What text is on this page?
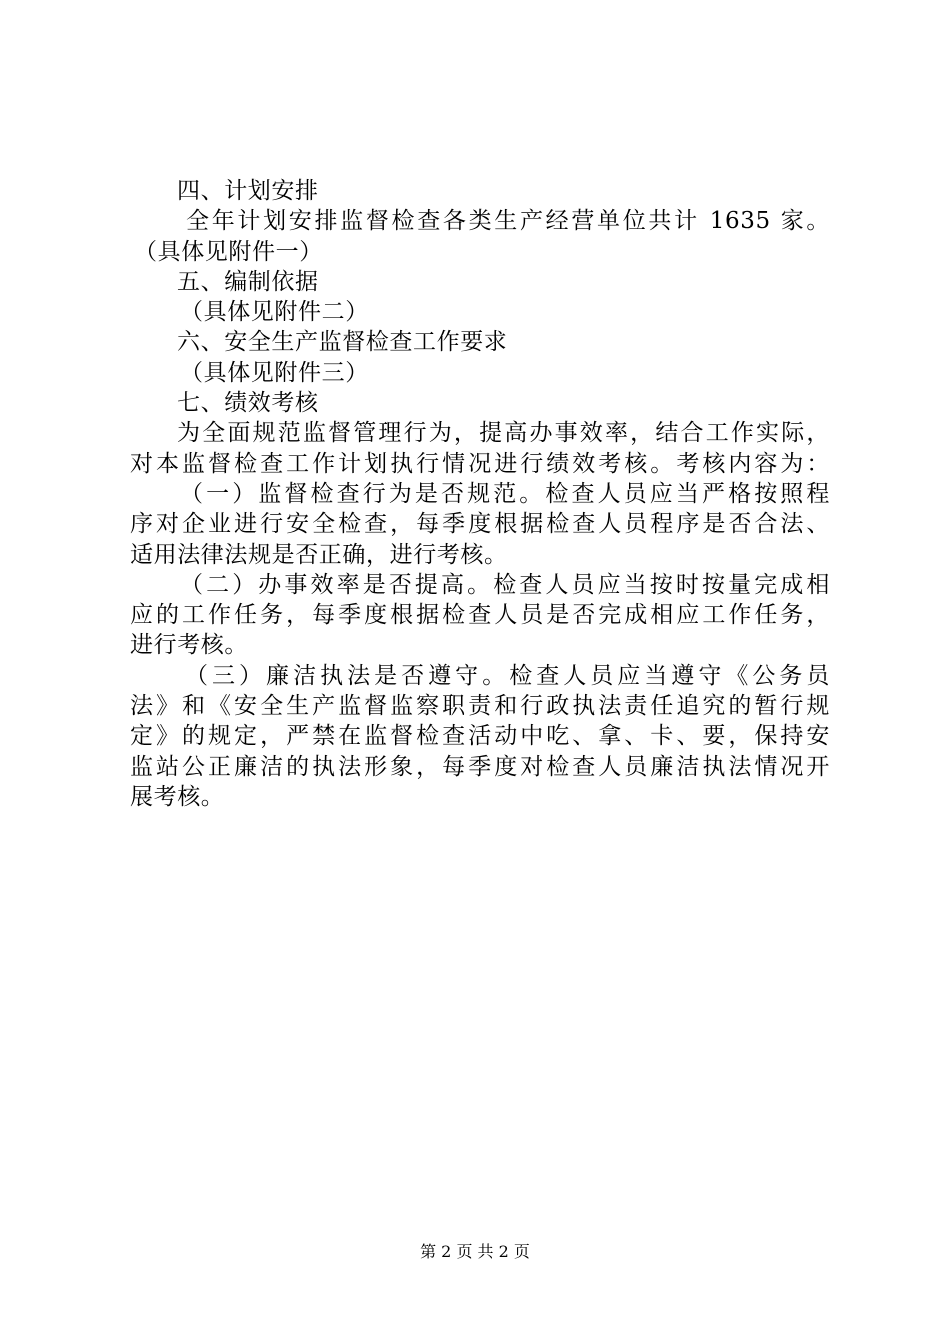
四、计划安排
全年计划安排监督检查各类生产经营单位共计 1635 家。
（具体见附件一）
五、编制依据
（具体见附件二）
六、安全生产监督检查工作要求
（具体见附件三）
七、绩效考核
为全面规范监督管理行为，提高办事效率，结合工作实际，
对本监督检查工作计划执行情况进行绩效考核。考核内容为：
（一）监督检查行为是否规范。检查人员应当严格按照程
序对企业进行安全检查，每季度根据检查人员程序是否合法、
适用法律法规是否正确，进行考核。
（二）办事效率是否提高。检查人员应当按时按量完成相
应的工作任务，每季度根据检查人员是否完成相应工作任务，
进行考核。
（三）廉洁执法是否遵守。检查人员应当遵守《公务员
法》和《安全生产监督监察职责和行政执法责任追究的暂行规
定》的规定，严禁在监督检查活动中吃、拿、卡、要，保持安
监站公正廉洁的执法形象，每季度对检查人员廉洁执法情况开
展考核。
第 2 页 共 2 页
